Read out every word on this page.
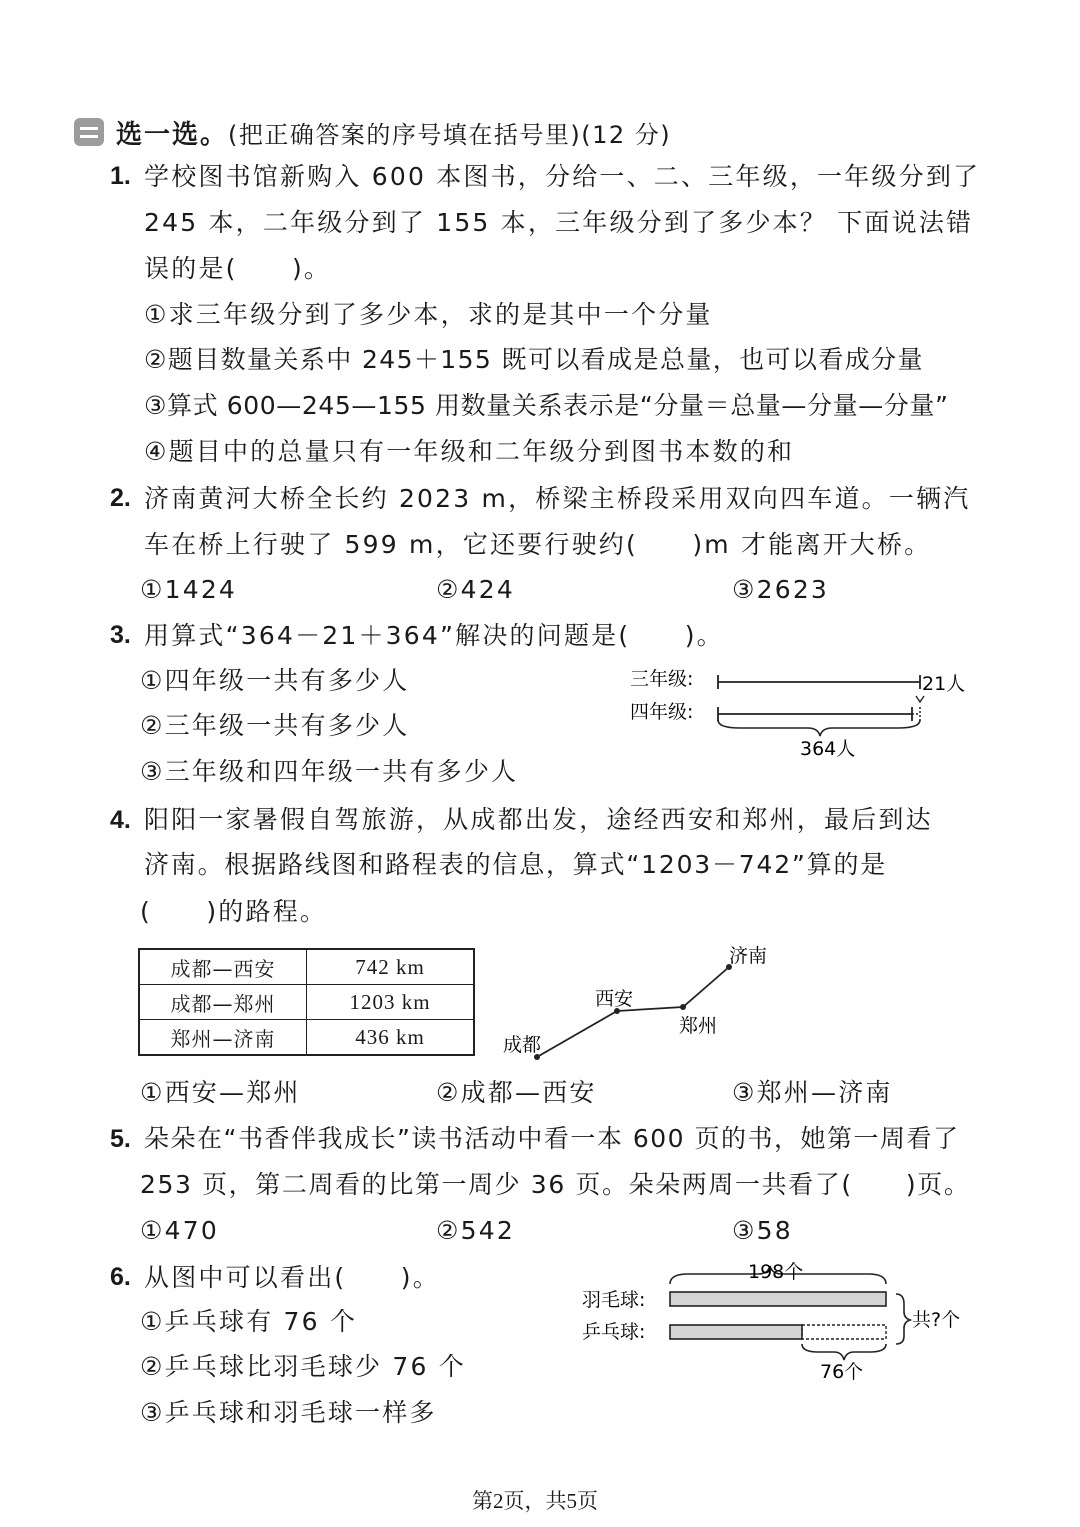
选一选。 (把正确答案的序号填在括号里)(12 分)
1. 学校图书馆新购入 600 本图书，分给一、二、三年级，一年级分到了
245 本，二年级分到了 155 本，三年级分到了多少本？ 下面说法错
误的是(　　)。
①求三年级分到了多少本，求的是其中一个分量
②题目数量关系中 245＋155 既可以看成是总量，也可以看成分量
③算式 600—245—155 用数量关系表示是“分量＝总量—分量—分量”
④题目中的总量只有一年级和二年级分到图书本数的和
2. 济南黄河大桥全长约 2023 m，桥梁主桥段采用双向四车道。一辆汽
车在桥上行驶了 599 m，它还要行驶约(　　)m 才能离开大桥。
①1424	②424	③2623
3. 用算式“364－21＋364”解决的问题是(　　)。
①四年级一共有多少人
②三年级一共有多少人
③三年级和四年级一共有多少人
三年级:	21人
四年级:
364人
4. 阳阳一家暑假自驾旅游，从成都出发，途经西安和郑州，最后到达
济南。根据路线图和路程表的信息，算式“1203－742”算的是
(　　)的路程。
成都—西安	742 km
成都—郑州	1203 km
郑州—济南	436 km	成都
西安
郑州
济南
①西安—郑州	②成都—西安	③郑州—济南
5. 朵朵在“书香伴我成长”读书活动中看一本 600 页的书，她第一周看了
253 页，第二周看的比第一周少 36 页。朵朵两周一共看了(　　)页。
①470	②542	③58
6. 从图中可以看出(　　)。
①乒乓球有 76 个
②乒乓球比羽毛球少 76 个
③乒乓球和羽毛球一样多
198个
羽毛球:
乒乓球:
76个
共?个
第2页，共5页
